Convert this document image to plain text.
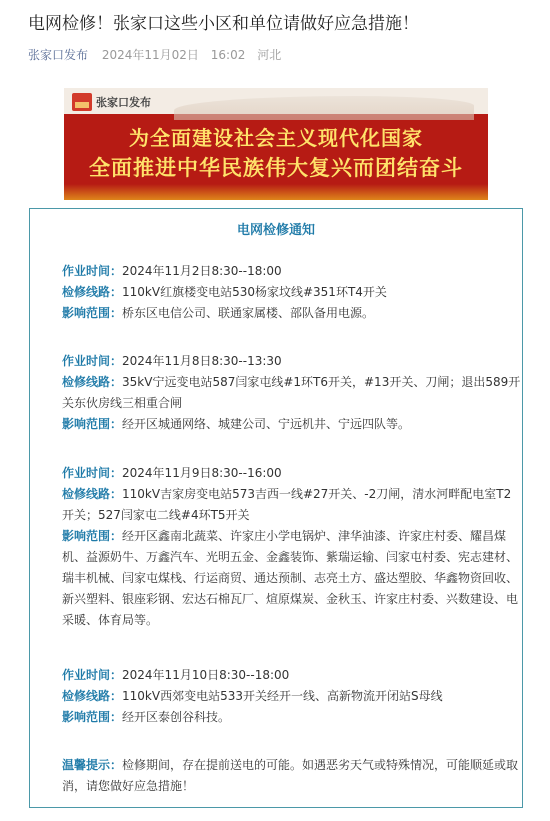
电网检修！张家口这些小区和单位请做好应急措施！
张家口发布 2024年11月02日 16:02 河北
张家口发布
为全面建设社会主义现代化国家
全面推进中华民族伟大复兴而团结奋斗
电网检修通知
作业时间：2024年11月2日8:30--18:00
检修线路：110kV红旗楼变电站530杨家坟线#351环T4开关
影响范围：桥东区电信公司、联通家属楼、部队备用电源。
作业时间：2024年11月8日8:30--13:30
检修线路：35kV宁远变电站587闫家屯线#1环T6开关，#13开关、刀闸；退出589开关东伙房线三相重合闸
影响范围：经开区城通网络、城建公司、宁远机井、宁远四队等。
作业时间：2024年11月9日8:30--16:00
检修线路：110kV吉家房变电站573吉西一线#27开关、-2刀闸，清水河畔配电室T2开关；527闫家屯二线#4环T5开关
影响范围：经开区鑫南北蔬菜、许家庄小学电锅炉、津华油漆、许家庄村委、耀昌煤机、益源奶牛、万鑫汽车、光明五金、金鑫装饰、紫瑞运输、闫家屯村委、宪志建材、瑞丰机械、闫家屯煤栈、行运商贸、通达预制、志亮土方、盛达塑胶、华鑫物资回收、新兴塑料、银座彩钢、宏达石棉瓦厂、煊原煤炭、金秋玉、许家庄村委、兴数建设、电采暖、体育局等。
作业时间：2024年11月10日8:30--18:00
检修线路：110kV西郊变电站533开关经开一线、高新物流开闭站S母线
影响范围：经开区泰创谷科技。
温馨提示：检修期间，存在提前送电的可能。如遇恶劣天气或特殊情况，可能顺延或取消，请您做好应急措施！
